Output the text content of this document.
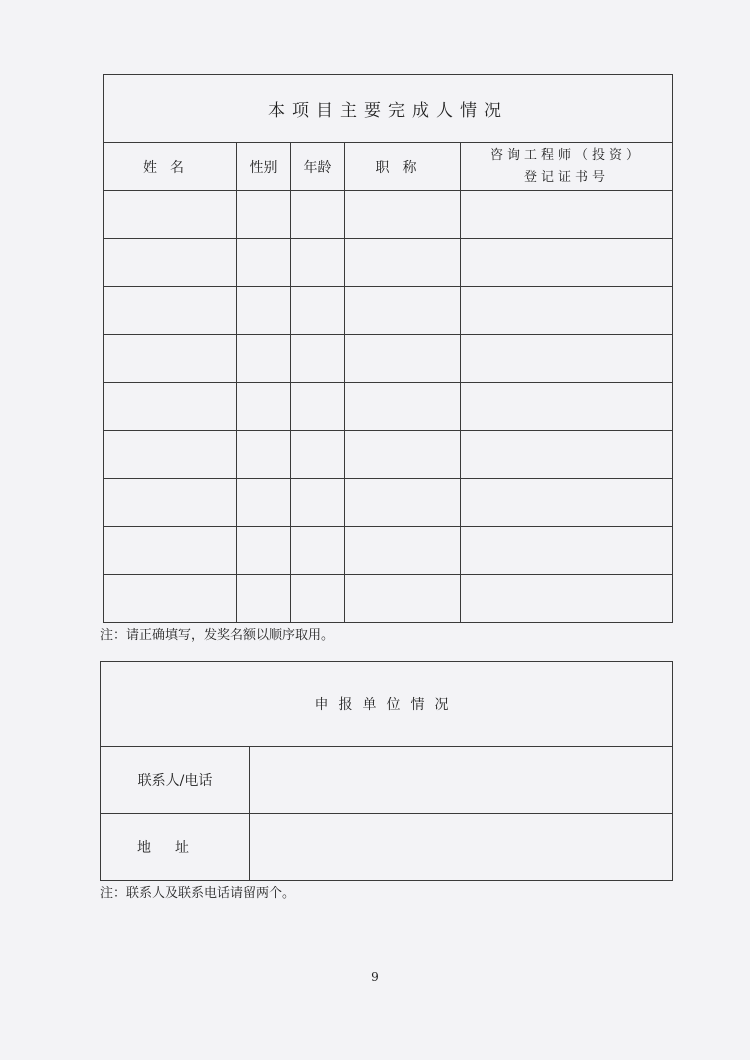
本项目主要完成人情况				
姓名	性别	年龄	职称	咨询工程师（投资）
登记证书号

注：请正确填写，发奖名额以顺序取用。
申报单位情况	
联系人/电话	
地址	
注：联系人及联系电话请留两个。
9
